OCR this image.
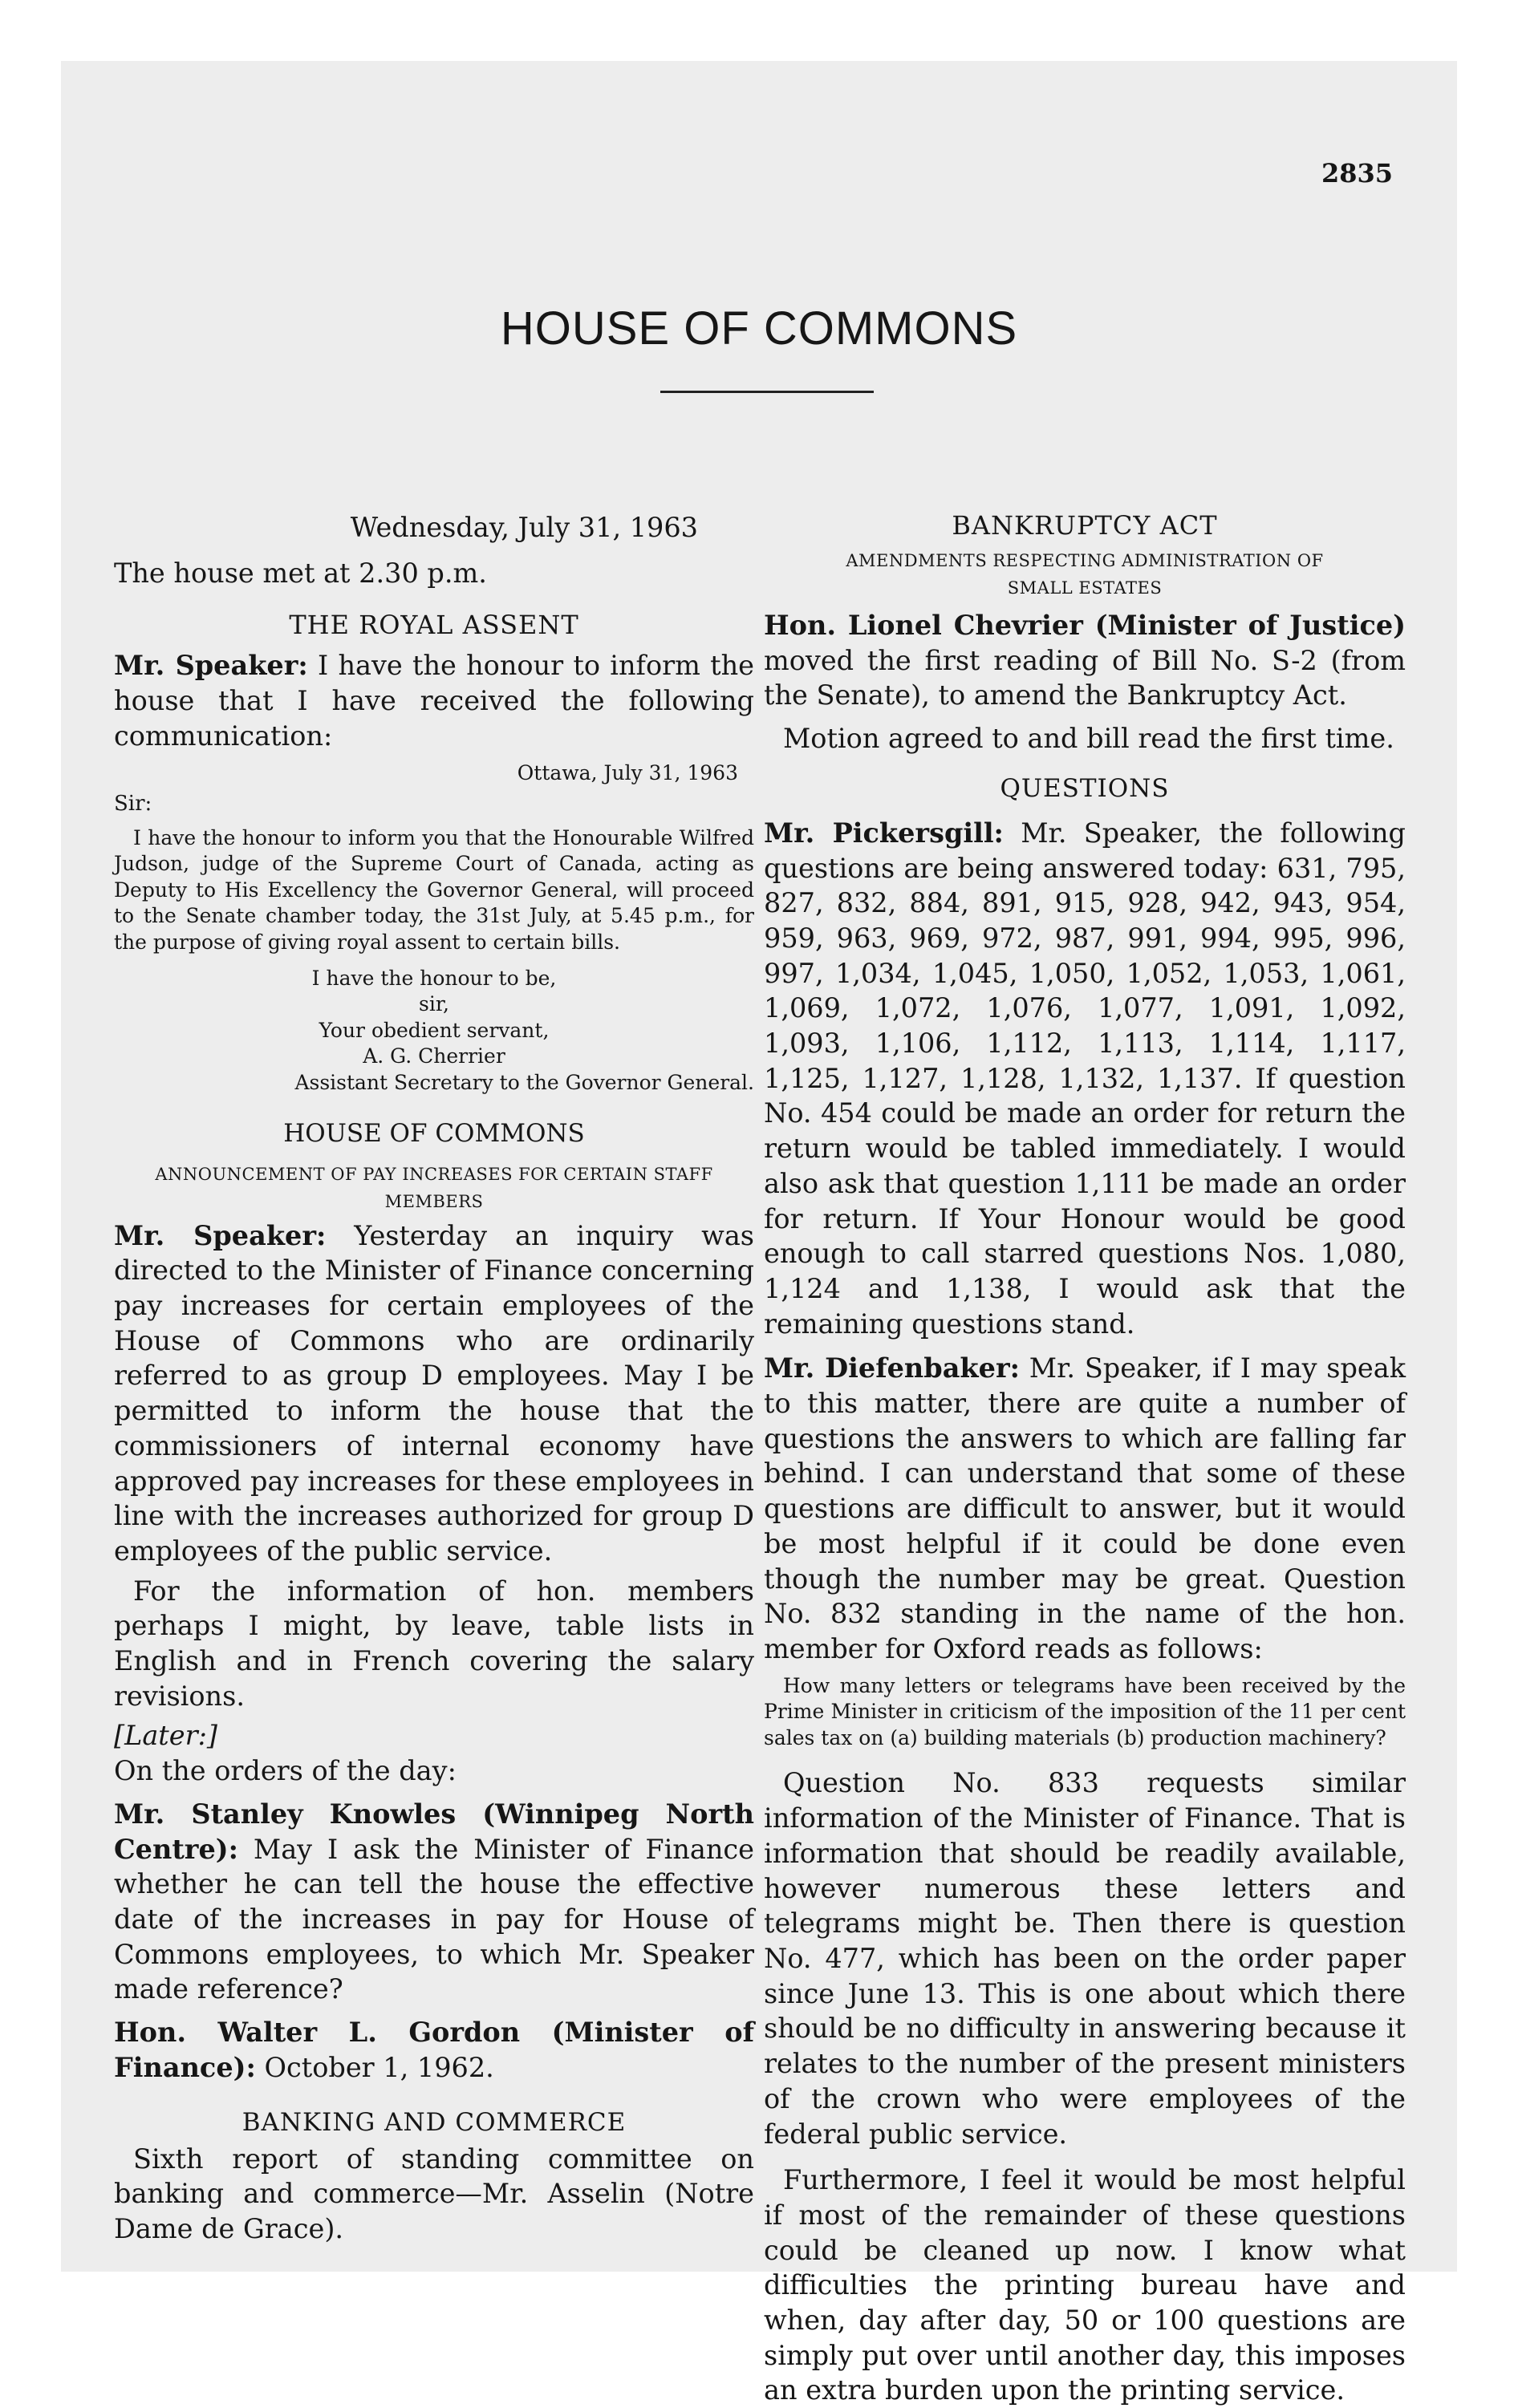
2835
HOUSE OF COMMONS

Wednesday, July 31, 1963

The house met at 2.30 p.m.

THE ROYAL ASSENT

Mr. Speaker: I have the honour to inform the house that I have received the following communication:

Ottawa, July 31, 1963

Sir:

I have the honour to inform you that the Honourable Wilfred Judson, judge of the Supreme Court of Canada, acting as Deputy to His Excellency the Governor General, will proceed to the Senate chamber today, the 31st July, at 5.45 p.m., for the purpose of giving royal assent to certain bills.

I have the honour to be,

sir,

Your obedient servant,

A. G. Cherrier

Assistant Secretary to the Governor General.

HOUSE OF COMMONS

ANNOUNCEMENT OF PAY INCREASES FOR CERTAIN STAFF MEMBERS

Mr. Speaker: Yesterday an inquiry was directed to the Minister of Finance concerning pay increases for certain employees of the House of Commons who are ordinarily referred to as group D employees. May I be permitted to inform the house that the commissioners of internal economy have approved pay increases for these employees in line with the increases authorized for group D employees of the public service.

For the information of hon. members perhaps I might, by leave, table lists in English and in French covering the salary revisions.

[Later:]

On the orders of the day:

Mr. Stanley Knowles (Winnipeg North Centre): May I ask the Minister of Finance whether he can tell the house the effective date of the increases in pay for House of Commons employees, to which Mr. Speaker made reference?

Hon. Walter L. Gordon (Minister of Finance): October 1, 1962.

BANKING AND COMMERCE

Sixth report of standing committee on banking and commerce—Mr. Asselin (Notre Dame de Grace).

BANKRUPTCY ACT

AMENDMENTS RESPECTING ADMINISTRATION OF SMALL ESTATES

Hon. Lionel Chevrier (Minister of Justice) moved the first reading of Bill No. S-2 (from the Senate), to amend the Bankruptcy Act.

Motion agreed to and bill read the first time.

QUESTIONS

Mr. Pickersgill: Mr. Speaker, the following questions are being answered today: 631, 795, 827, 832, 884, 891, 915, 928, 942, 943, 954, 959, 963, 969, 972, 987, 991, 994, 995, 996, 997, 1,034, 1,045, 1,050, 1,052, 1,053, 1,061, 1,069, 1,072, 1,076, 1,077, 1,091, 1,092, 1,093, 1,106, 1,112, 1,113, 1,114, 1,117, 1,125, 1,127, 1,128, 1,132, 1,137. If question No. 454 could be made an order for return the return would be tabled immediately. I would also ask that question 1,111 be made an order for return. If Your Honour would be good enough to call starred questions Nos. 1,080, 1,124 and 1,138, I would ask that the remaining questions stand.

Mr. Diefenbaker: Mr. Speaker, if I may speak to this matter, there are quite a number of questions the answers to which are falling far behind. I can understand that some of these questions are difficult to answer, but it would be most helpful if it could be done even though the number may be great. Question No. 832 standing in the name of the hon. member for Oxford reads as follows:

How many letters or telegrams have been received by the Prime Minister in criticism of the imposition of the 11 per cent sales tax on (a) building materials (b) production machinery?

Question No. 833 requests similar information of the Minister of Finance. That is information that should be readily available, however numerous these letters and telegrams might be. Then there is question No. 477, which has been on the order paper since June 13. This is one about which there should be no difficulty in answering because it relates to the number of the present ministers of the crown who were employees of the federal public service.

Furthermore, I feel it would be most helpful if most of the remainder of these questions could be cleaned up now. I know what difficulties the printing bureau have and when, day after day, 50 or 100 questions are simply put over until another day, this imposes an extra burden upon the printing service.
